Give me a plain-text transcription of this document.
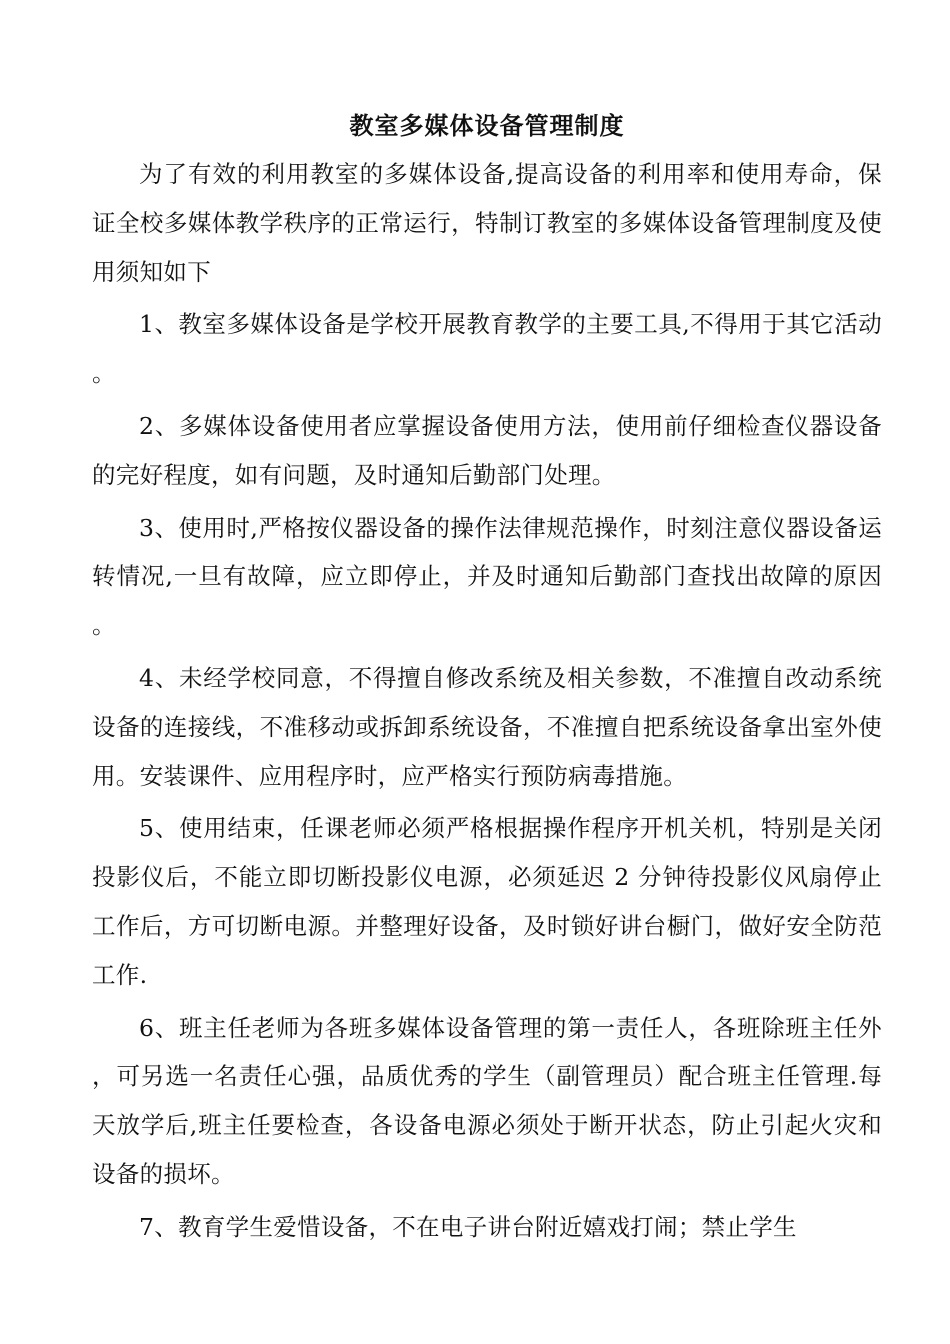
教室多媒体设备管理制度

为了有效的利用教室的多媒体设备,提高设备的利用率和使用寿命，保证全校多媒体教学秩序的正常运行，特制订教室的多媒体设备管理制度及使用须知如下

1、教室多媒体设备是学校开展教育教学的主要工具,不得用于其它活动。

2、多媒体设备使用者应掌握设备使用方法，使用前仔细检查仪器设备的完好程度，如有问题，及时通知后勤部门处理。

3、使用时,严格按仪器设备的操作法律规范操作，时刻注意仪器设备运转情况,一旦有故障，应立即停止，并及时通知后勤部门查找出故障的原因。

4、未经学校同意，不得擅自修改系统及相关参数，不准擅自改动系统设备的连接线，不准移动或拆卸系统设备，不准擅自把系统设备拿出室外使用。安装课件、应用程序时，应严格实行预防病毒措施。

5、使用结束，任课老师必须严格根据操作程序开机关机，特别是关闭投影仪后，不能立即切断投影仪电源，必须延迟 2 分钟待投影仪风扇停止工作后，方可切断电源。并整理好设备，及时锁好讲台橱门，做好安全防范工作.

6、班主任老师为各班多媒体设备管理的第一责任人，各班除班主任外，可另选一名责任心强，品质优秀的学生（副管理员）配合班主任管理.每天放学后,班主任要检查，各设备电源必须处于断开状态，防止引起火灾和设备的损坏。

7、教育学生爱惜设备，不在电子讲台附近嬉戏打闹；禁止学生
